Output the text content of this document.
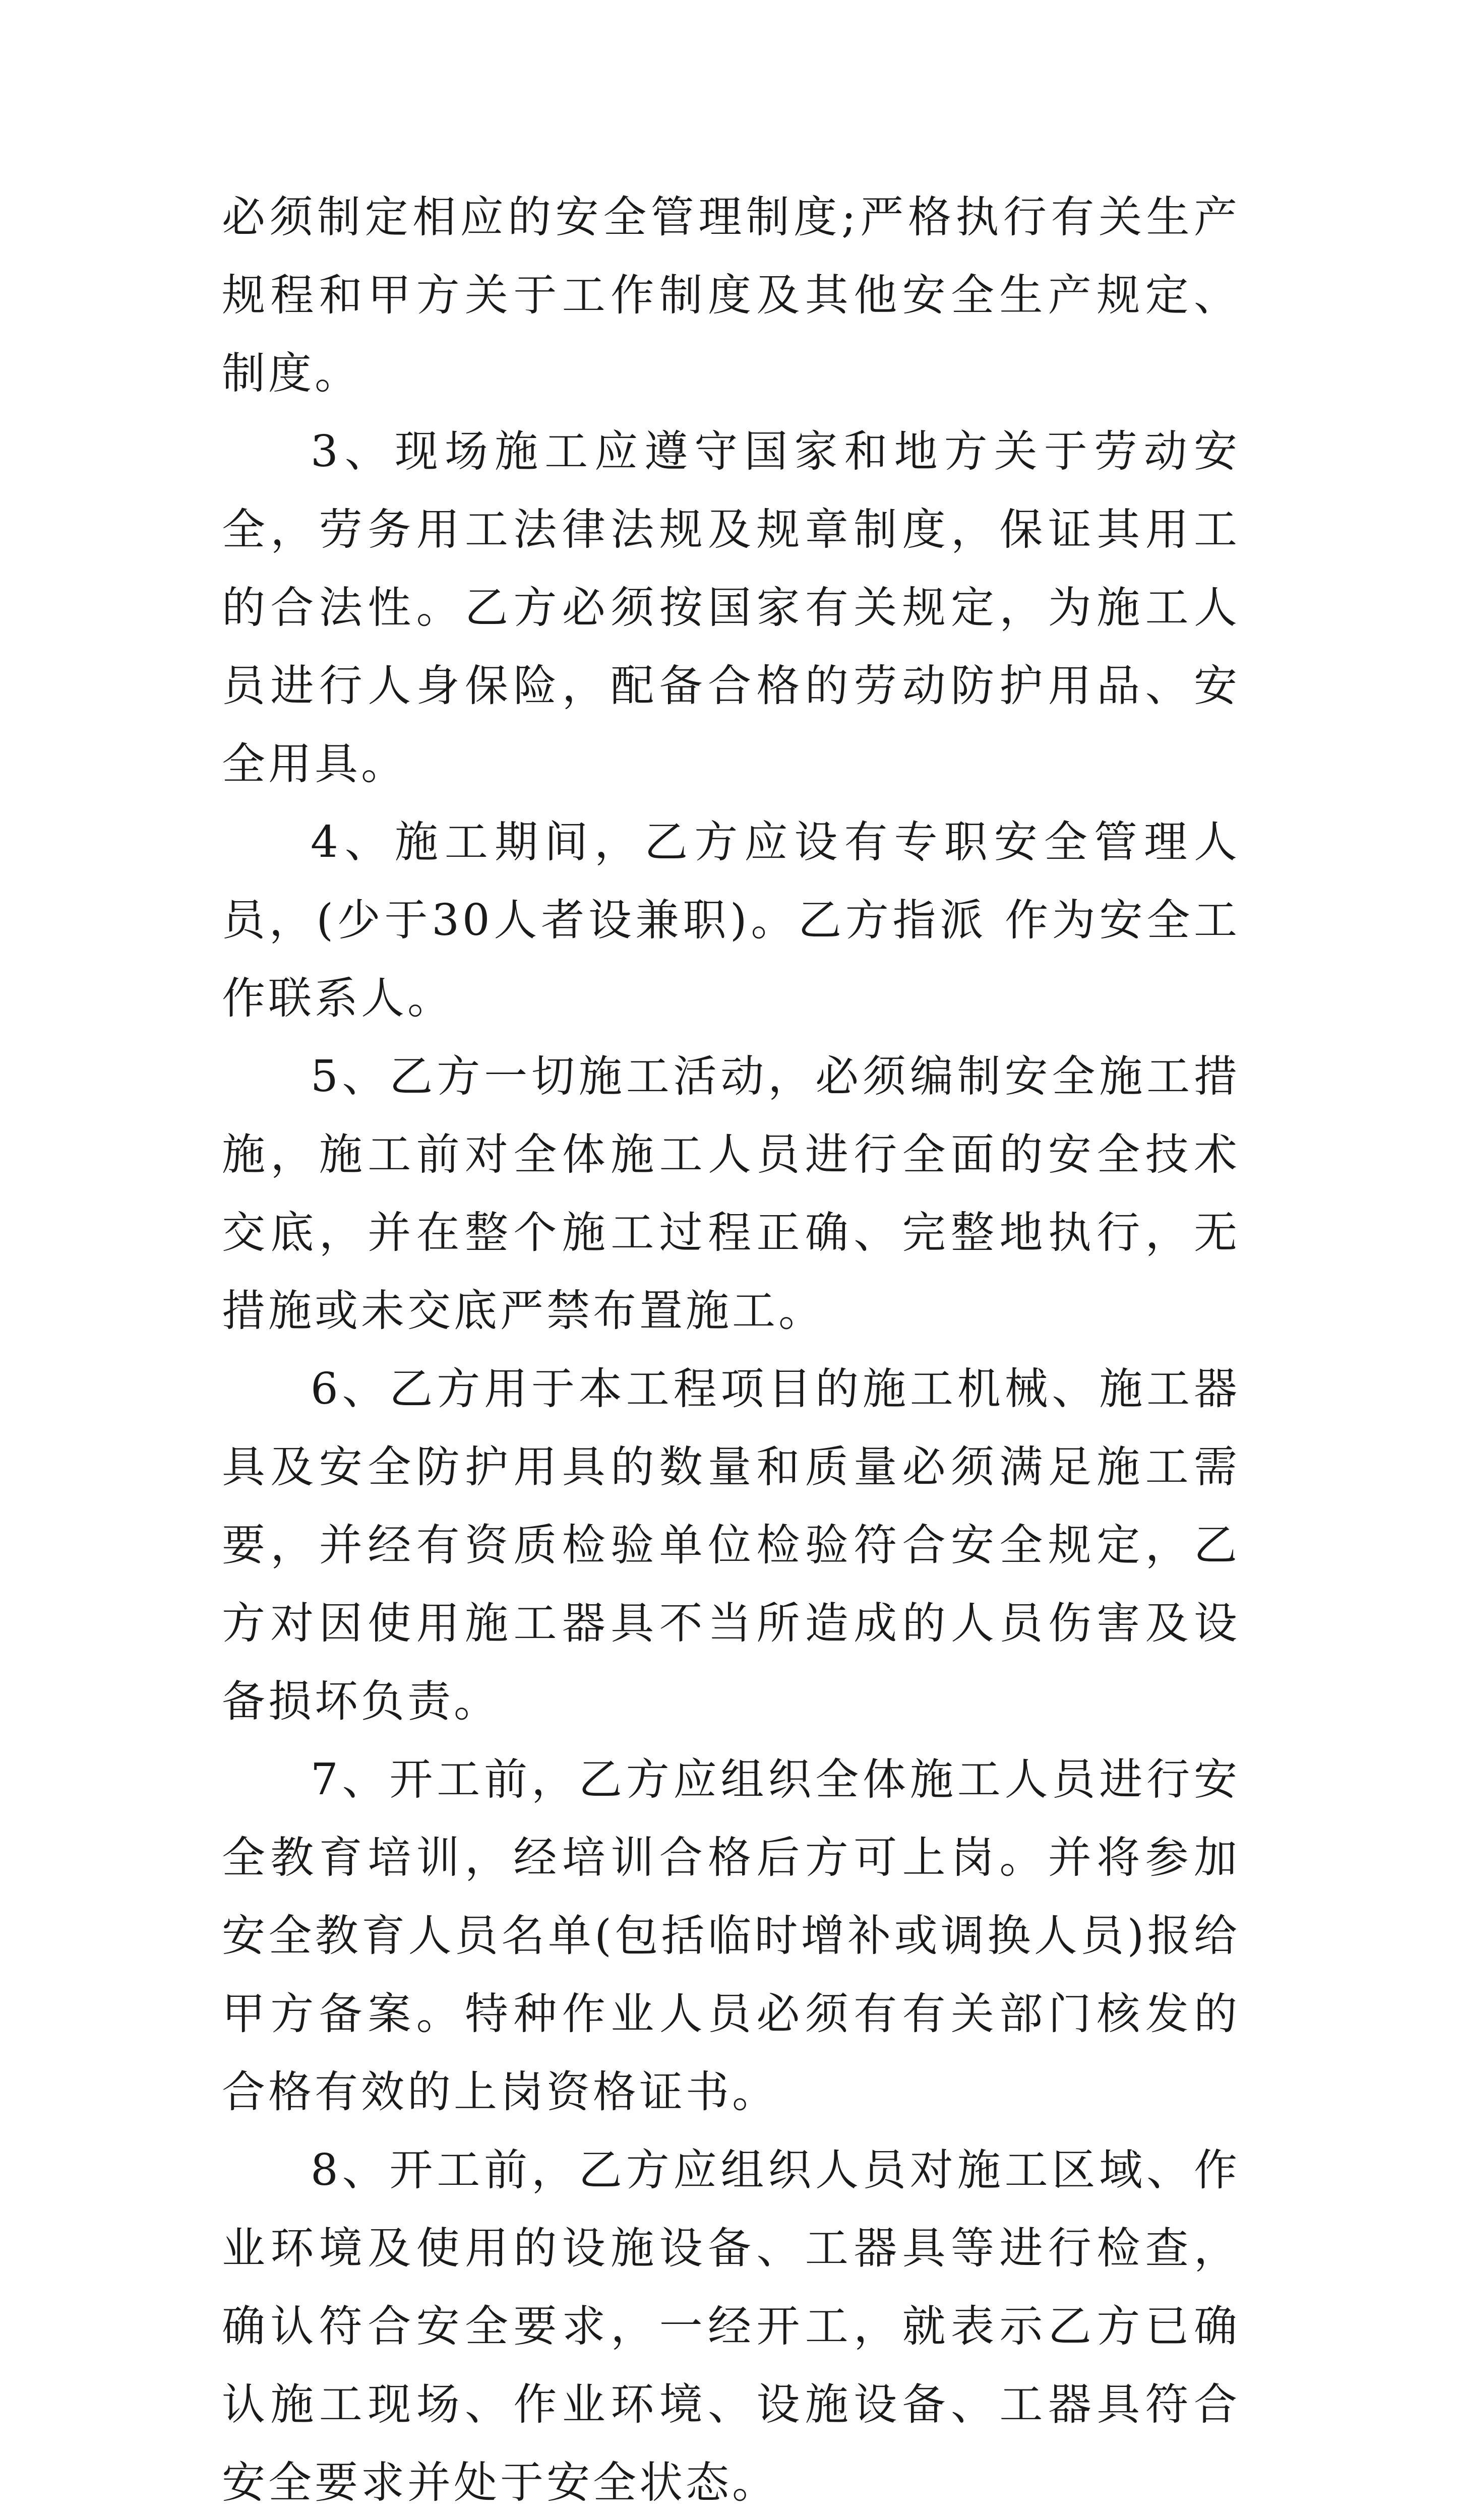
必须制定相应的安全管理制度;严格执行有关生产规程和甲方关于工作制度及其他安全生产规定、制度。

3、现场施工应遵守国家和地方关于劳动安全，劳务用工法律法规及规章制度，保证其用工的合法性。乙方必须按国家有关规定，为施工人员进行人身保险，配备合格的劳动防护用品、安全用具。

4、施工期间，乙方应设有专职安全管理人员，(少于30人者设兼职)。乙方指派 作为安全工作联系人。

5、乙方一切施工活动，必须编制安全施工措施，施工前对全体施工人员进行全面的安全技术交底，并在整个施工过程正确、完整地执行，无措施或未交底严禁布置施工。

6、乙方用于本工程项目的施工机械、施工器具及安全防护用具的数量和质量必须满足施工需要，并经有资质检验单位检验符合安全规定，乙方对因使用施工器具不当所造成的人员伤害及设备损坏负责。

7、开工前，乙方应组织全体施工人员进行安全教育培训，经培训合格后方可上岗。并将参加安全教育人员名单(包括临时增补或调换人员)报给甲方备案。特种作业人员必须有有关部门核发的合格有效的上岗资格证书。

8、开工前，乙方应组织人员对施工区域、作业环境及使用的设施设备、工器具等进行检查，确认符合安全要求，一经开工，就表示乙方已确认施工现场、作业环境、设施设备、工器具符合安全要求并处于安全状态。
